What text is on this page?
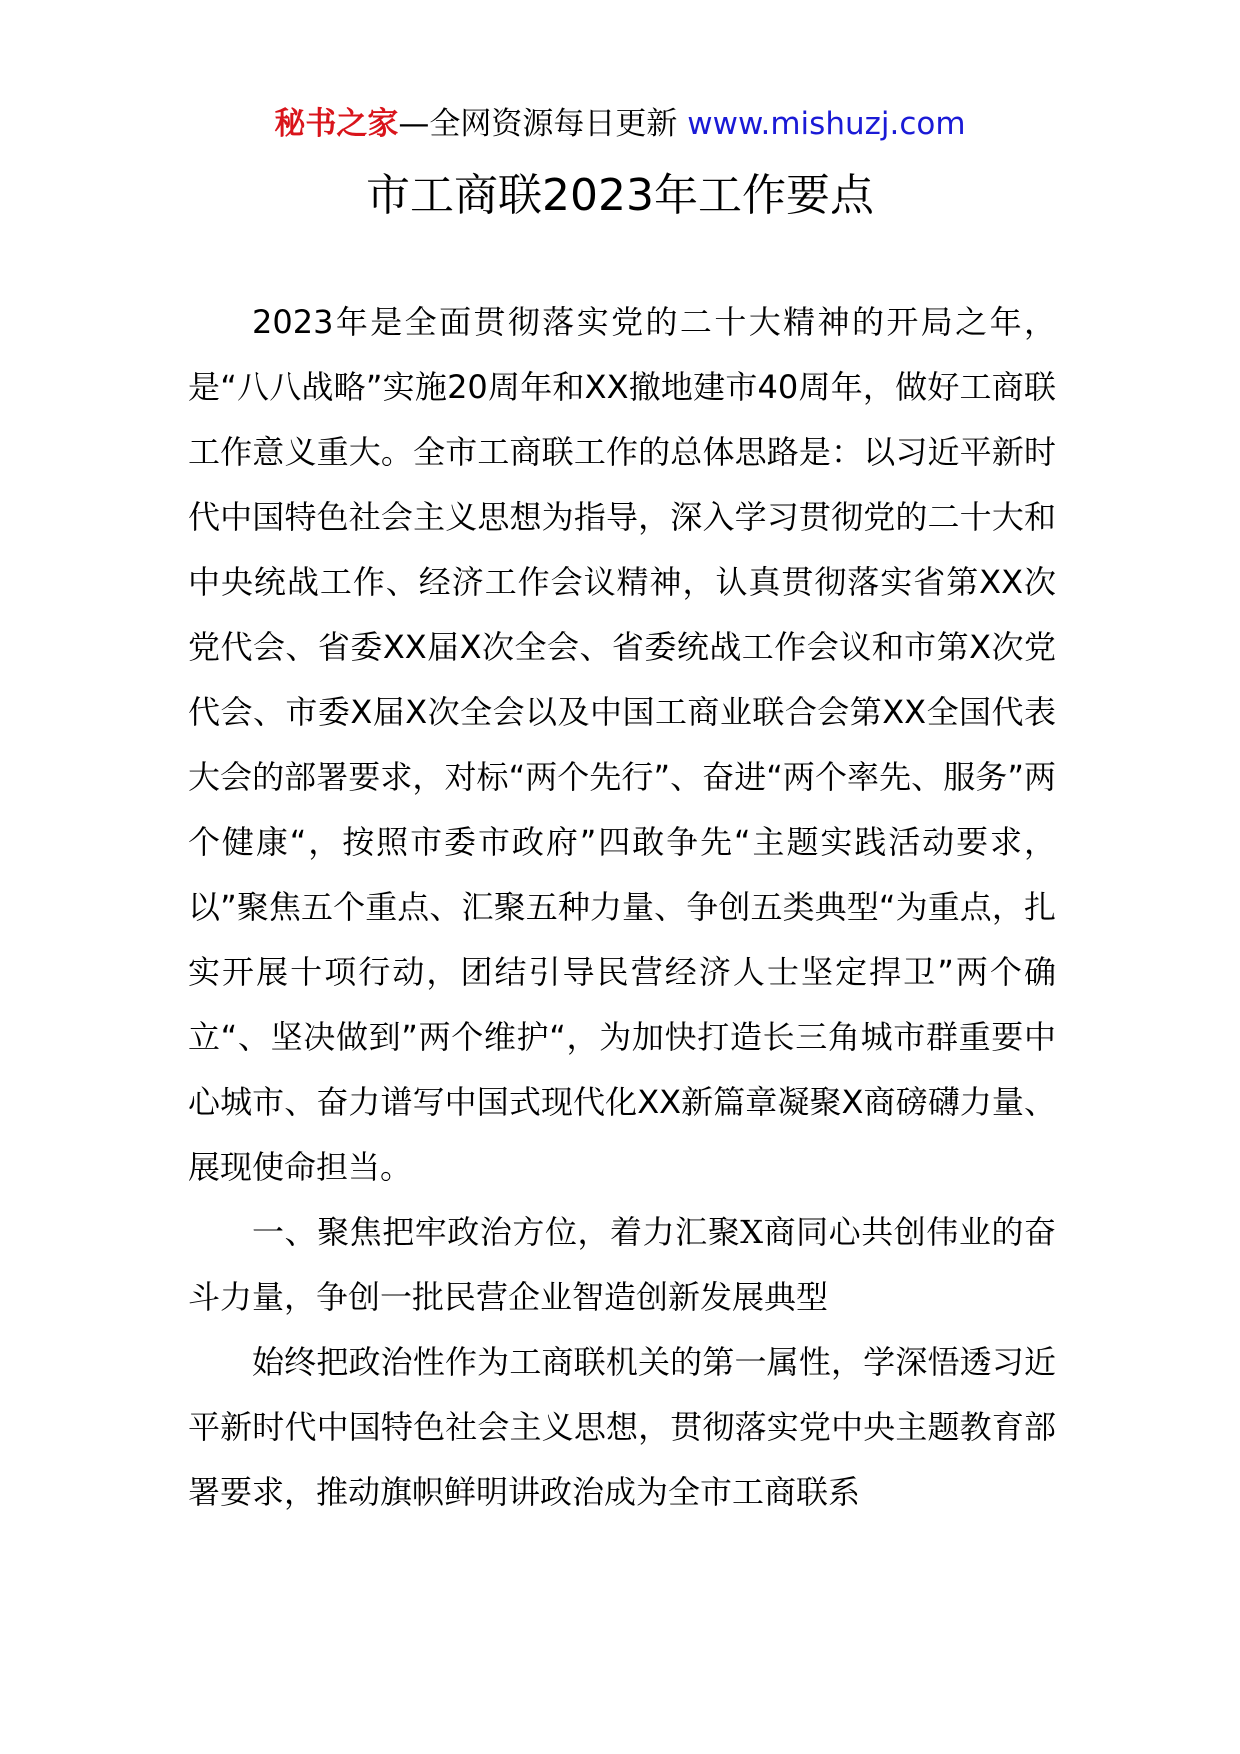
秘书之家—全网资源每日更新 www.mishuzj.com
市工商联2023年工作要点

2023年是全面贯彻落实党的二十大精神的开局之年，是“八八战略”实施20周年和XX撤地建市40周年，做好工商联工作意义重大。全市工商联工作的总体思路是：以习近平新时代中国特色社会主义思想为指导，深入学习贯彻党的二十大和中央统战工作、经济工作会议精神，认真贯彻落实省第XX次党代会、省委XX届X次全会、省委统战工作会议和市第X次党代会、市委X届X次全会以及中国工商业联合会第XX全国代表大会的部署要求，对标“两个先行”、奋进“两个率先、服务”两个健康“，按照市委市政府”四敢争先“主题实践活动要求，以”聚焦五个重点、汇聚五种力量、争创五类典型“为重点，扎实开展十项行动，团结引导民营经济人士坚定捍卫”两个确立“、坚决做到”两个维护“，为加快打造长三角城市群重要中心城市、奋力谱写中国式现代化XX新篇章凝聚X商磅礴力量、展现使命担当。

一、聚焦把牢政治方位，着力汇聚X商同心共创伟业的奋斗力量，争创一批民营企业智造创新发展典型

始终把政治性作为工商联机关的第一属性，学深悟透习近平新时代中国特色社会主义思想，贯彻落实党中央主题教育部署要求，推动旗帜鲜明讲政治成为全市工商联系
